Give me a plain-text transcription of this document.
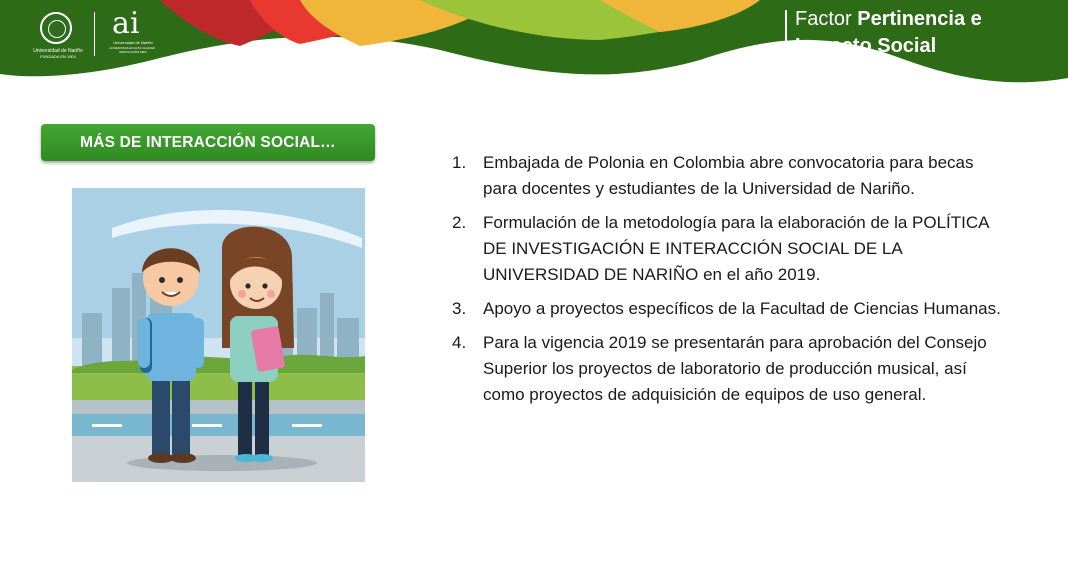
Universidad de Nariño
FUNDADA EN 1904
ai
Universidad de Nariño
ACREDITADA EN ALTA CALIDAD · RESOLUCIÓN MEN
Factor Pertinencia e
Impacto Social
MÁS DE INTERACCIÓN SOCIAL…
1. Embajada de Polonia en Colombia abre convocatoria para becas para docentes y estudiantes de la Universidad de Nariño.
2. Formulación de la metodología para la elaboración de la POLÍTICA DE INVESTIGACIÓN E INTERACCIÓN SOCIAL DE LA UNIVERSIDAD DE NARIÑO en el año 2019.
3. Apoyo a proyectos específicos de la Facultad de Ciencias Humanas.
4. Para la vigencia 2019 se presentarán para aprobación del Consejo Superior los proyectos de laboratorio de producción musical, así como proyectos de adquisición de equipos de uso general.
